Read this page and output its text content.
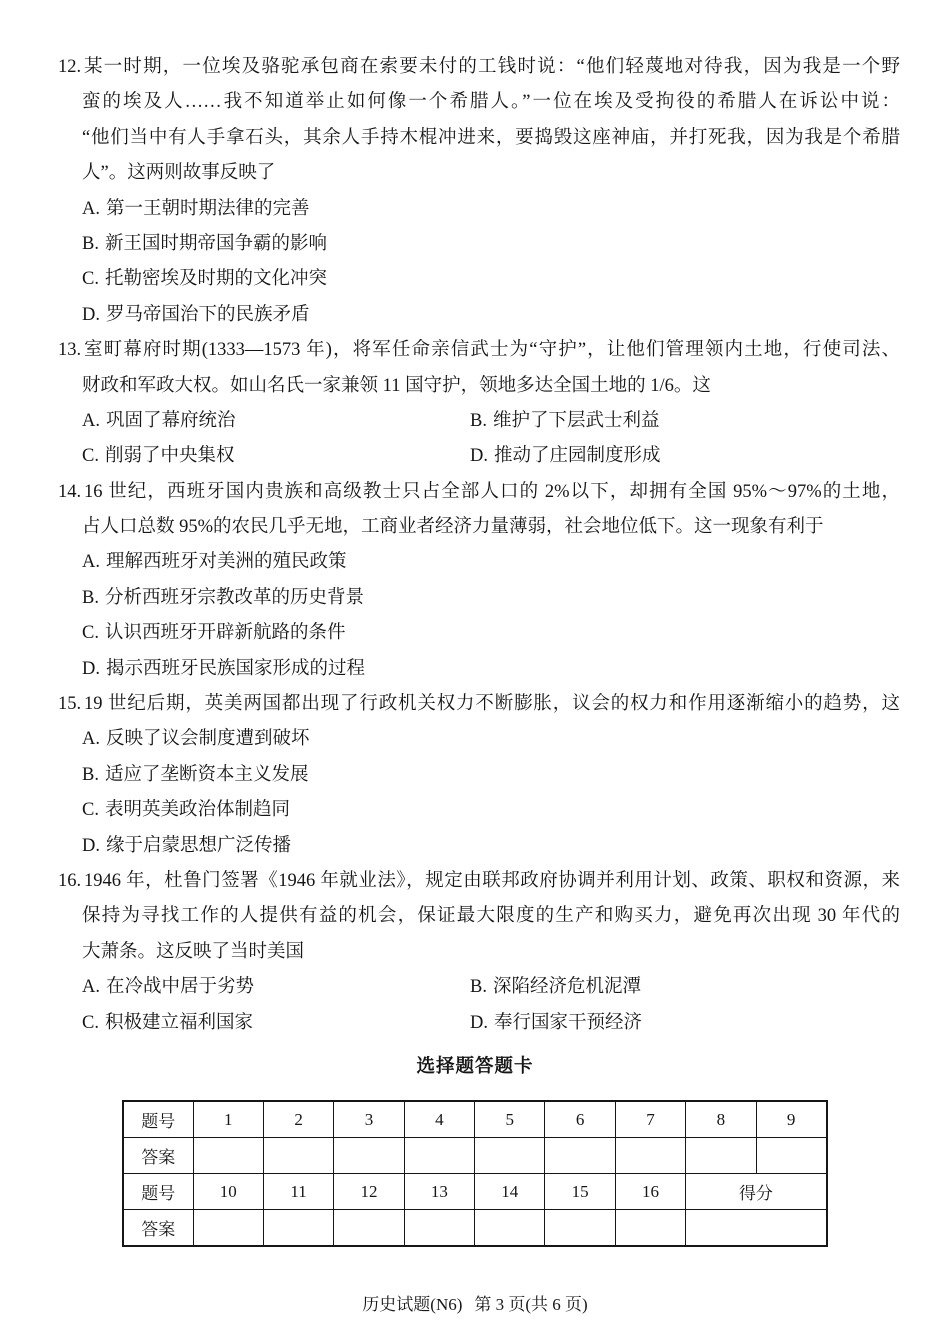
12. 某一时期，一位埃及骆驼承包商在索要未付的工钱时说：“他们轻蔑地对待我，因为我是一个野
蛮的埃及人……我不知道举止如何像一个希腊人。”一位在埃及受拘役的希腊人在诉讼中说：
“他们当中有人手拿石头，其余人手持木棍冲进来，要捣毁这座神庙，并打死我，因为我是个希腊
人”。这两则故事反映了
A. 第一王朝时期法律的完善
B. 新王国时期帝国争霸的影响
C. 托勒密埃及时期的文化冲突
D. 罗马帝国治下的民族矛盾
13. 室町幕府时期(1333—1573 年)，将军任命亲信武士为“守护”，让他们管理领内土地，行使司法、
财政和军政大权。如山名氏一家兼领 11 国守护，领地多达全国土地的 1/6。这
A. 巩固了幕府统治	B. 维护了下层武士利益
C. 削弱了中央集权	D. 推动了庄园制度形成
14. 16 世纪，西班牙国内贵族和高级教士只占全部人口的 2%以下，却拥有全国 95%～97%的土地，
占人口总数 95%的农民几乎无地，工商业者经济力量薄弱，社会地位低下。这一现象有利于
A. 理解西班牙对美洲的殖民政策
B. 分析西班牙宗教改革的历史背景
C. 认识西班牙开辟新航路的条件
D. 揭示西班牙民族国家形成的过程
15. 19 世纪后期，英美两国都出现了行政机关权力不断膨胀，议会的权力和作用逐渐缩小的趋势，这
A. 反映了议会制度遭到破坏
B. 适应了垄断资本主义发展
C. 表明英美政治体制趋同
D. 缘于启蒙思想广泛传播
16. 1946 年，杜鲁门签署《1946 年就业法》，规定由联邦政府协调并利用计划、政策、职权和资源，来
保持为寻找工作的人提供有益的机会，保证最大限度的生产和购买力，避免再次出现 30 年代的
大萧条。这反映了当时美国
A. 在冷战中居于劣势	B. 深陷经济危机泥潭
C. 积极建立福利国家	D. 奉行国家干预经济
选择题答题卡
题号	1	2	3	4	5	6	7	8	9
答案									
题号	10	11	12	13	14	15	16	得分	
答案									
历史试题(N6) 第 3 页(共 6 页)
